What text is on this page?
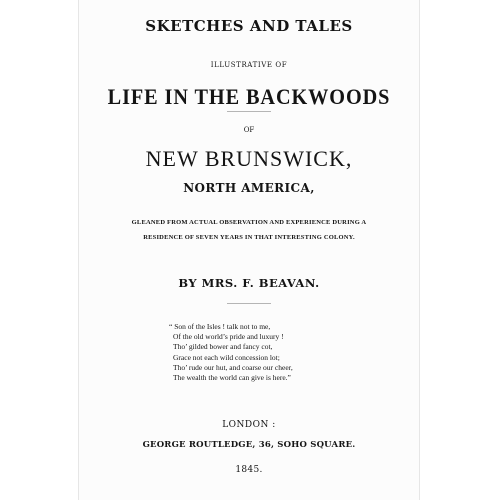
SKETCHES AND TALES
ILLUSTRATIVE OF
LIFE IN THE BACKWOODS
OF
NEW BRUNSWICK,
NORTH AMERICA,
GLEANED FROM ACTUAL OBSERVATION AND EXPERIENCE DURING A
RESIDENCE OF SEVEN YEARS IN THAT INTERESTING COLONY.
BY MRS. F. BEAVAN.
“ Son of the Isles ! talk not to me,
Of the old world’s pride and luxury !
Tho’ gilded bower and fancy cot,
Grace not each wild concession lot;
Tho’ rude our hut, and coarse our cheer,
The wealth the world can give is here.”
LONDON :
GEORGE ROUTLEDGE, 36, SOHO SQUARE.
1845.
